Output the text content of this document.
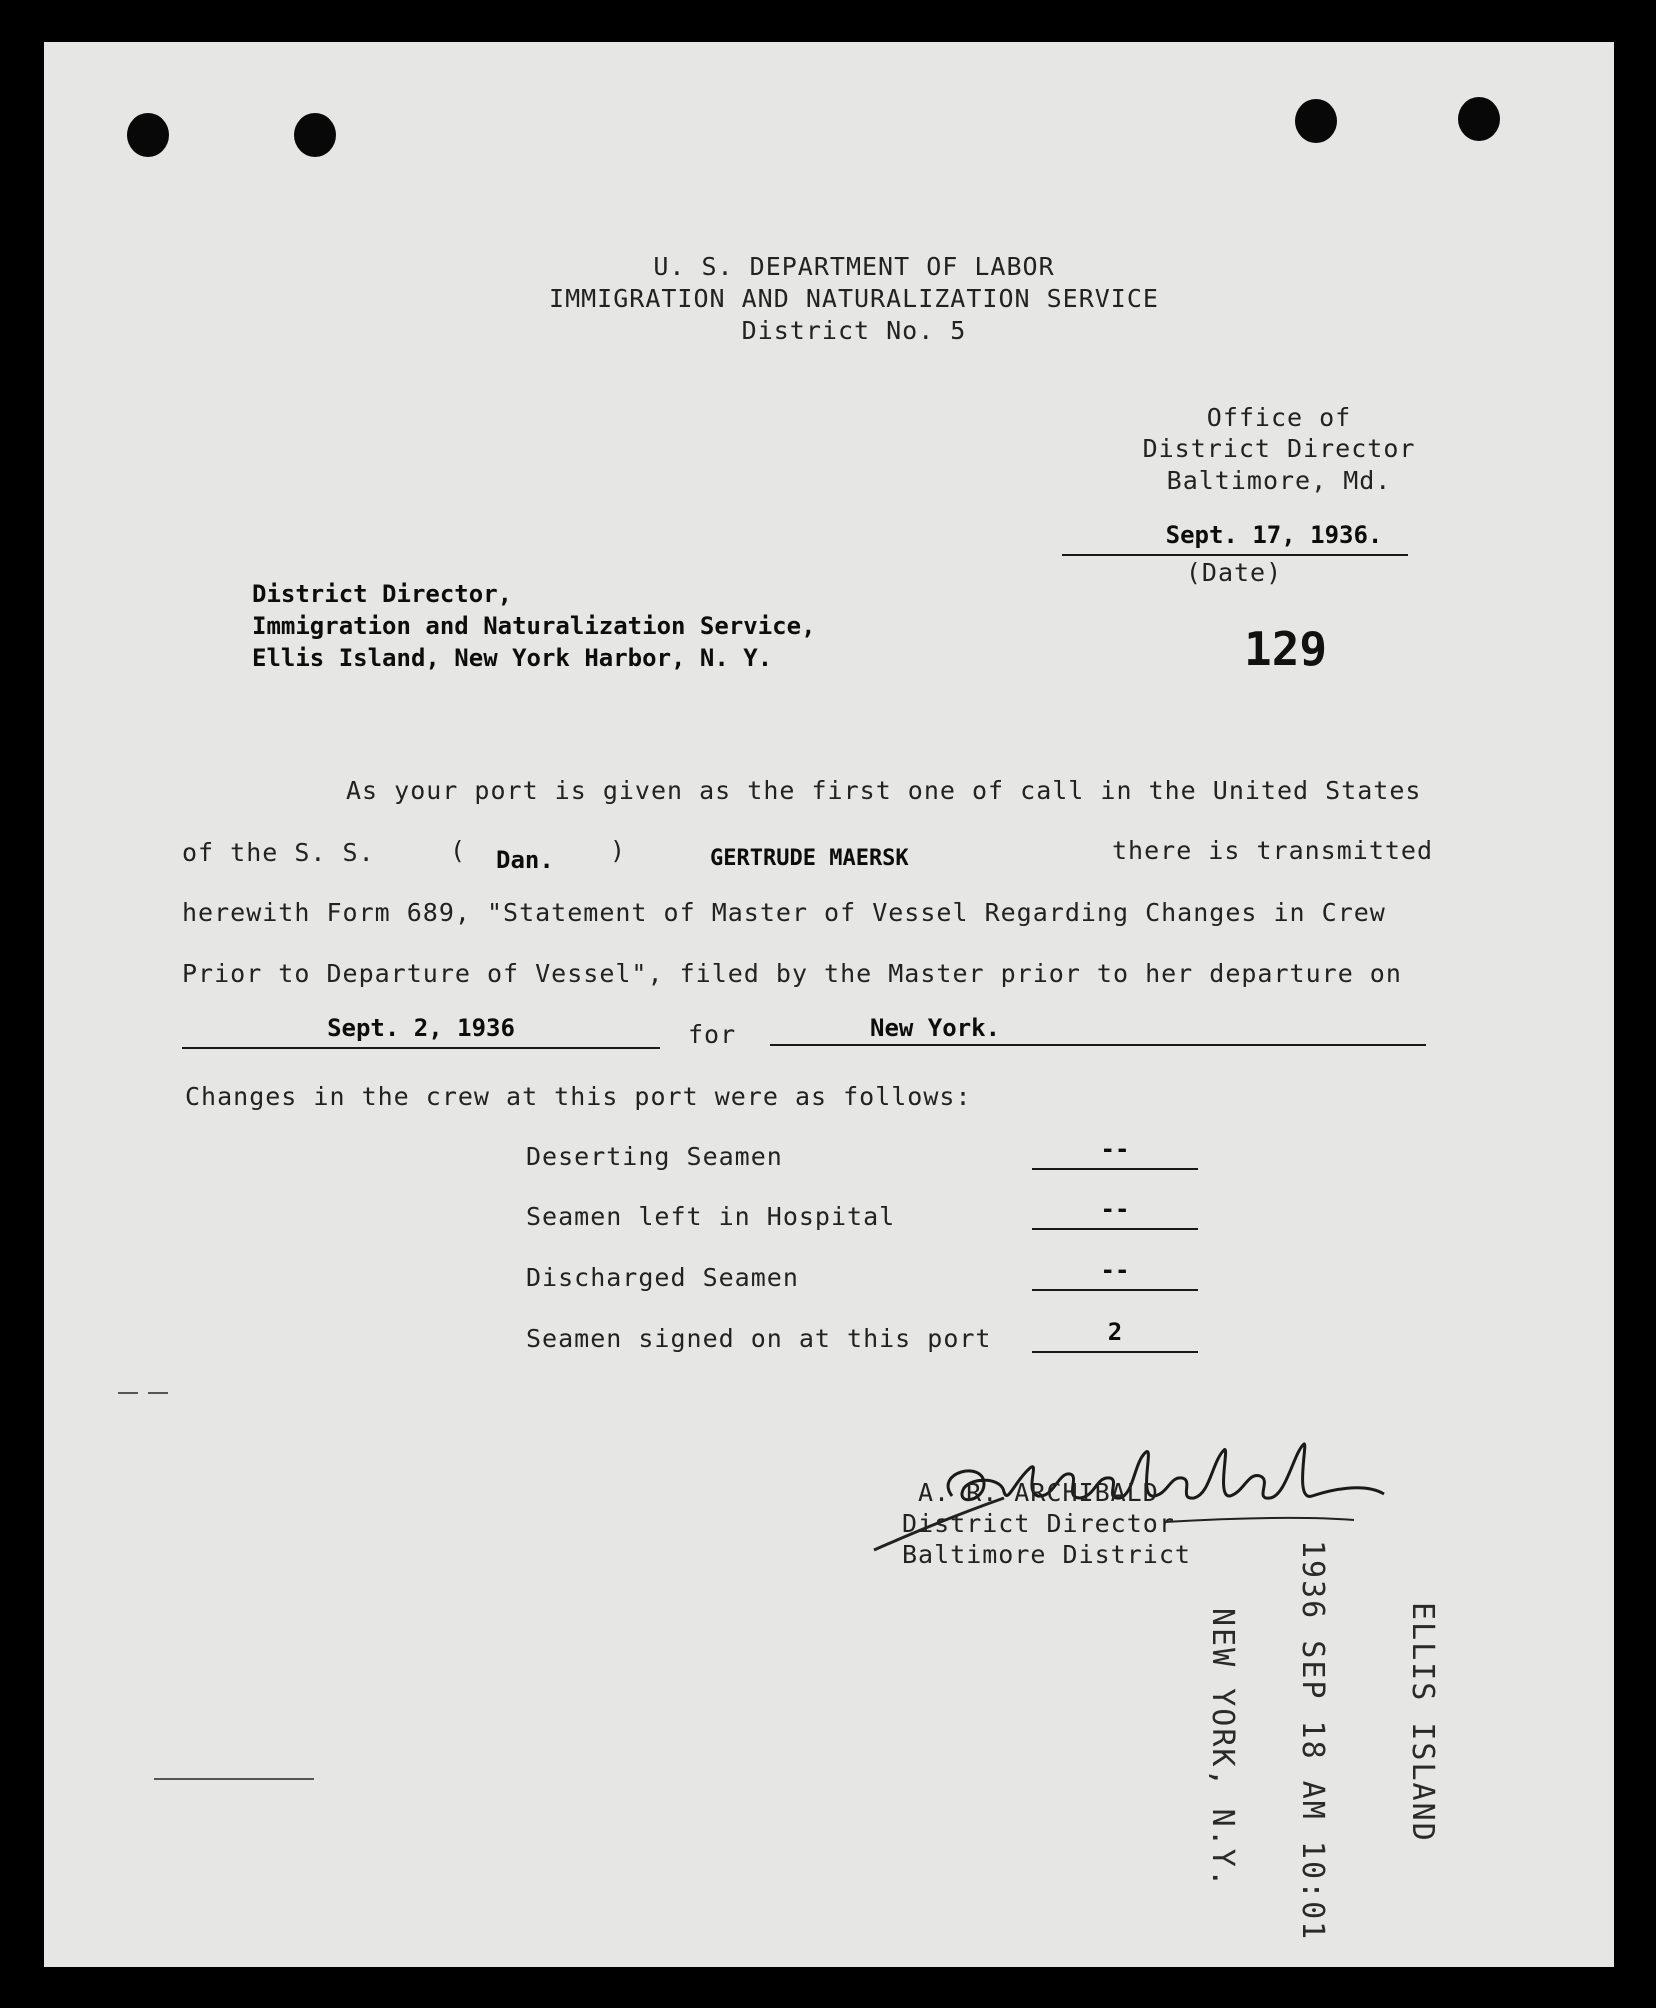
U. S. DEPARTMENT OF LABOR
IMMIGRATION AND NATURALIZATION SERVICE
District No. 5
Office of
District Director
Baltimore, Md.
Sept. 17, 1936.
(Date)
129
District Director,
Immigration and Naturalization Service,
Ellis Island, New York Harbor, N. Y.
As your port is given as the first one of call in the United States
of the S. S.	( Dan. )	GERTRUDE MAERSK	there is transmitted
herewith Form 689, "Statement of Master of Vessel Regarding Changes in Crew
Prior to Departure of Vessel", filed by the Master prior to her departure on
Sept. 2, 1936	for	New York.
Changes in the crew at this port were as follows:
Deserting Seamen	--
Seamen left in Hospital	--
Discharged Seamen	--
Seamen signed on at this port	2
A. R. ARCHIBALD
District Director
Baltimore District
ELLIS ISLAND
1936 SEP 18 AM 10:01
NEW YORK, N.Y.
